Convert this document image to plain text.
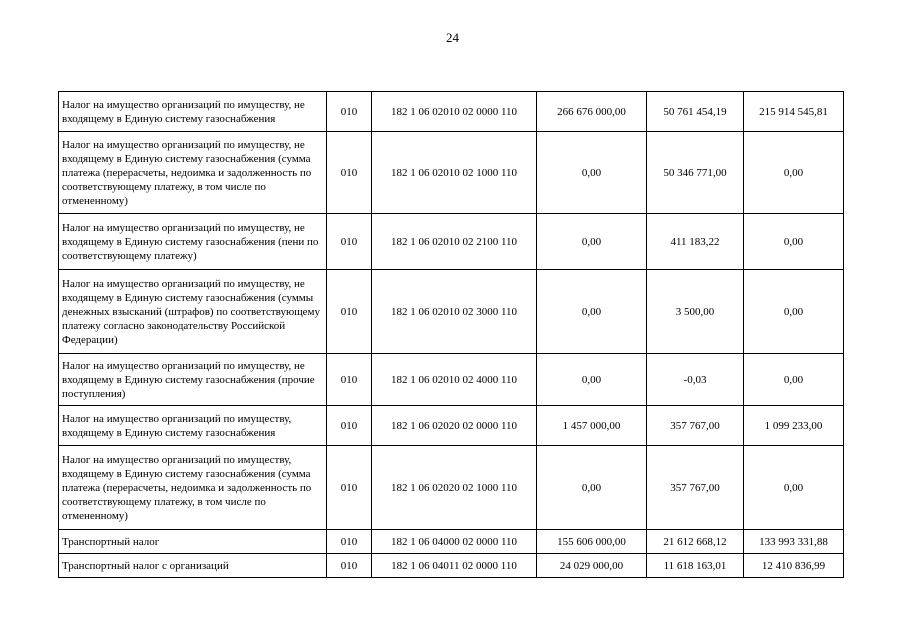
24
Налог на имущество организаций по имуществу, не входящему в Единую систему газоснабжения	010	182 1 06 02010 02 0000 110	266 676 000,00	50 761 454,19	215 914 545,81
Налог на имущество организаций по имуществу, не входящему в Единую систему газоснабжения (сумма платежа (перерасчеты, недоимка и задолженность по соответствующему платежу, в том числе по отмененному)	010	182 1 06 02010 02 1000 110	0,00	50 346 771,00	0,00
Налог на имущество организаций по имуществу, не входящему в Единую систему газоснабжения (пени по соответствующему платежу)	010	182 1 06 02010 02 2100 110	0,00	411 183,22	0,00
Налог на имущество организаций по имуществу, не входящему в Единую систему газоснабжения (суммы денежных взысканий (штрафов) по соответствующему платежу согласно законодательству Российской Федерации)	010	182 1 06 02010 02 3000 110	0,00	3 500,00	0,00
Налог на имущество организаций по имуществу, не входящему в Единую систему газоснабжения (прочие поступления)	010	182 1 06 02010 02 4000 110	0,00	-0,03	0,00
Налог на имущество организаций по имуществу, входящему в Единую систему газоснабжения	010	182 1 06 02020 02 0000 110	1 457 000,00	357 767,00	1 099 233,00
Налог на имущество организаций по имуществу, входящему в Единую систему газоснабжения (сумма платежа (перерасчеты, недоимка и задолженность по соответствующему платежу, в том числе по отмененному)	010	182 1 06 02020 02 1000 110	0,00	357 767,00	0,00
Транспортный налог	010	182 1 06 04000 02 0000 110	155 606 000,00	21 612 668,12	133 993 331,88
Транспортный налог с организаций	010	182 1 06 04011 02 0000 110	24 029 000,00	11 618 163,01	12 410 836,99
